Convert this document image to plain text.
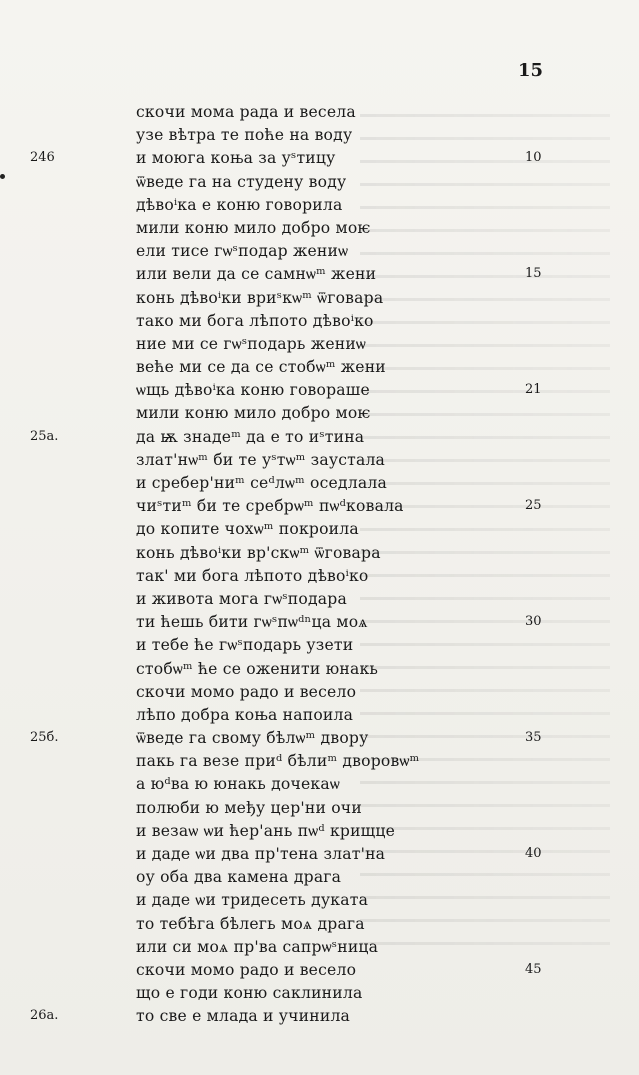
15
скочи мома рада и весела
узе вѣтра те поће на воду
246	и моюга коња за уˢтицу	10
ѿведе га на студену воду
дѣвоⁱка е коню говорила
мили коню мило добро моѥ
ели тисе гѡˢподар жениѡ
или вели да се самнѡᵐ жени	15
конь дѣвоⁱки вриˢкѡᵐ ѿговара
тако ми бога лѣпото дѣвоⁱко
ние ми се гѡˢподарь жениѡ
веће ми се да се стобѡᵐ жени
ѡщь дѣвоⁱка коню говораше	21
мили коню мило добро моѥ
25a.	да ѭ знадеᵐ да е то иˢтина
злат'нѡᵐ би те уˢтѡᵐ заустала
и сребер'ниᵐ сеᵈлѡᵐ оседлала
чиˢтиᵐ би те сребрѡᵐ пѡᵈковала	25
до копите чохѡᵐ покроила
конь дѣвоⁱки вр'скѡᵐ ѿговара
так' ми бога лѣпото дѣвоⁱко
и живота мога гѡˢподара
ти ћешь бити гѡˢпѡᵈⁿца моѧ	30
и тебе ће гѡˢподарь узети
стобѡᵐ ће се оженити юнакь
скочи момо радо и весело
лѣпо добра коња напоила
25б.	ѿведе га свому бѣлѡᵐ двору	35
пакь га везе приᵈ бѣлиᵐ дворовѡᵐ
а юᵈва ю юнакь дочекаѡ
полюби ю међу цер'ни очи
и везаѡ ѡи ћер'ань пѡᵈ крищце
и даде ѡи два пр'тена злат'на	40
оу оба два камена драга
и даде ѡи тридесеть дуката
то тебѣга бѣлегь моѧ драга
или си моѧ пр'ва сапрѡˢница
скочи момо радо и весело	45
що е годи коню саклинила
26a.	то све е млада и учинила
